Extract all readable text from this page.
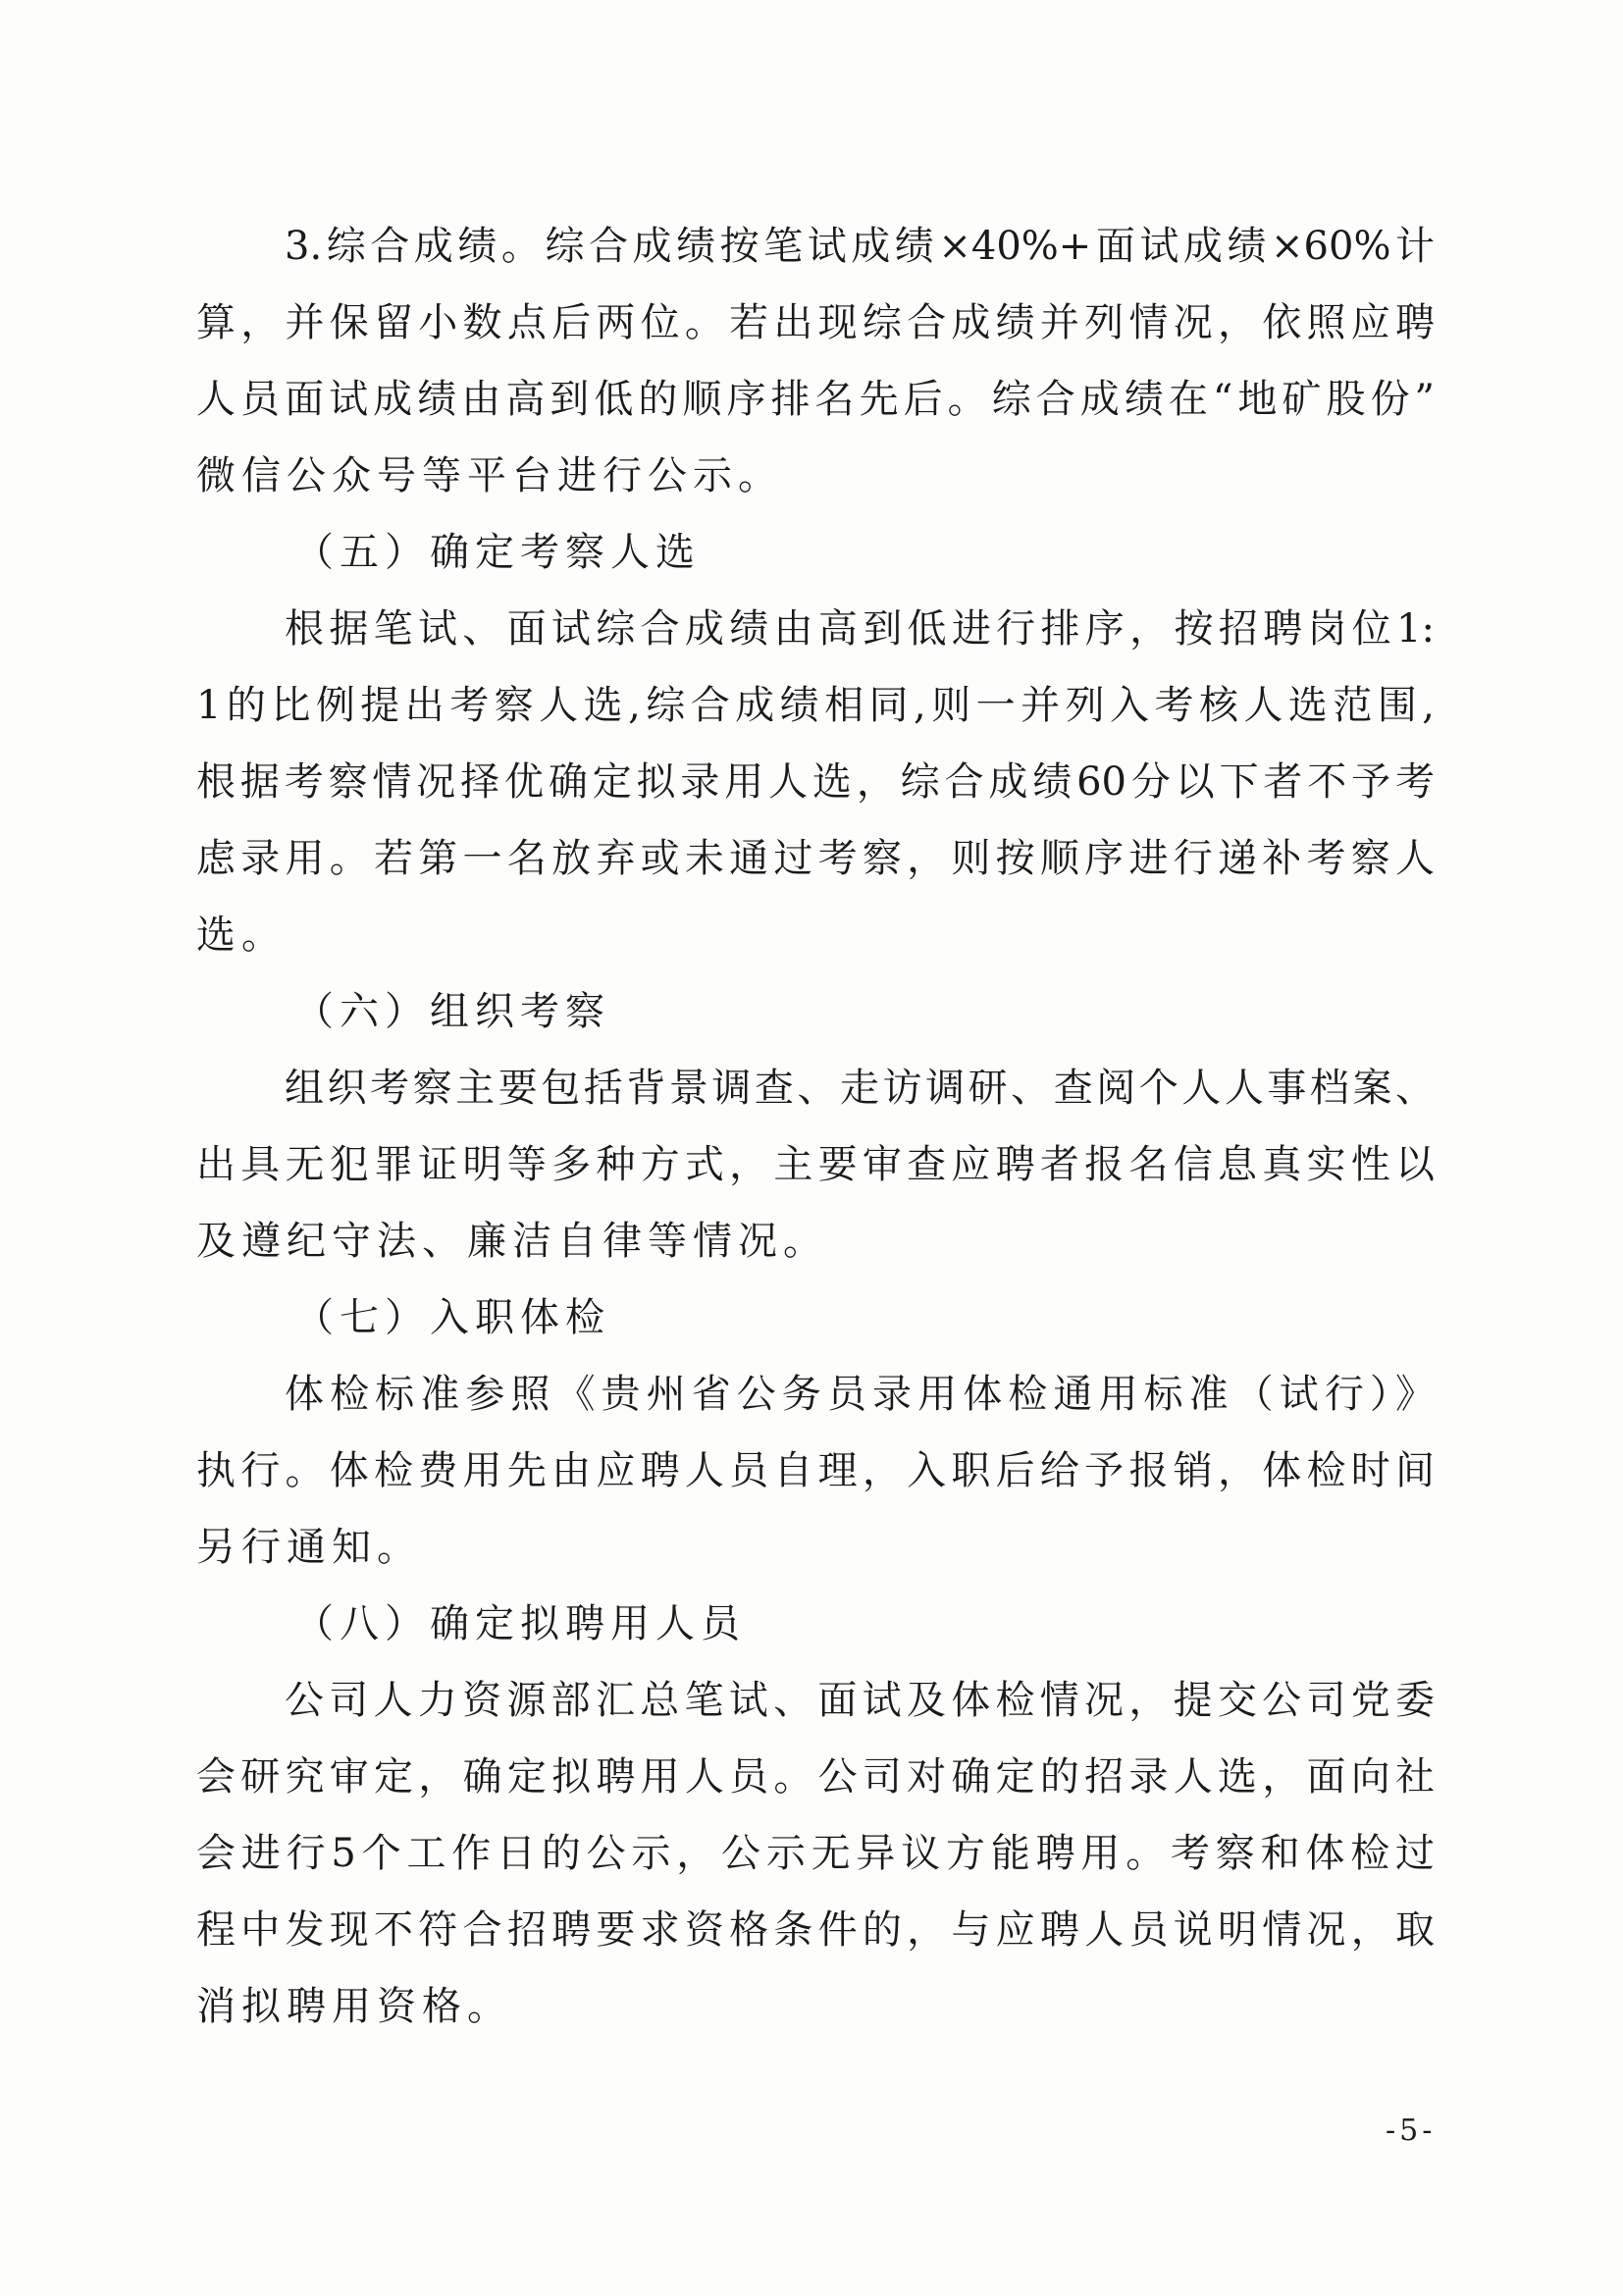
3.综合成绩。综合成绩按笔试成绩×40%+面试成绩×60%计
算，并保留小数点后两位。若出现综合成绩并列情况，依照应聘
人员面试成绩由高到低的顺序排名先后。综合成绩在“地矿股份”
微信公众号等平台进行公示。
（五）确定考察人选
根据笔试、面试综合成绩由高到低进行排序，按招聘岗位1:
1的比例提出考察人选,综合成绩相同,则一并列入考核人选范围,
根据考察情况择优确定拟录用人选，综合成绩60分以下者不予考
虑录用。若第一名放弃或未通过考察，则按顺序进行递补考察人
选。
（六）组织考察
组织考察主要包括背景调查、走访调研、查阅个人人事档案、
出具无犯罪证明等多种方式，主要审查应聘者报名信息真实性以
及遵纪守法、廉洁自律等情况。
（七）入职体检
体检标准参照《贵州省公务员录用体检通用标准（试行）》
执行。体检费用先由应聘人员自理，入职后给予报销，体检时间
另行通知。
（八）确定拟聘用人员
公司人力资源部汇总笔试、面试及体检情况，提交公司党委
会研究审定，确定拟聘用人员。公司对确定的招录人选，面向社
会进行5个工作日的公示，公示无异议方能聘用。考察和体检过
程中发现不符合招聘要求资格条件的，与应聘人员说明情况，取
消拟聘用资格。
-5-
